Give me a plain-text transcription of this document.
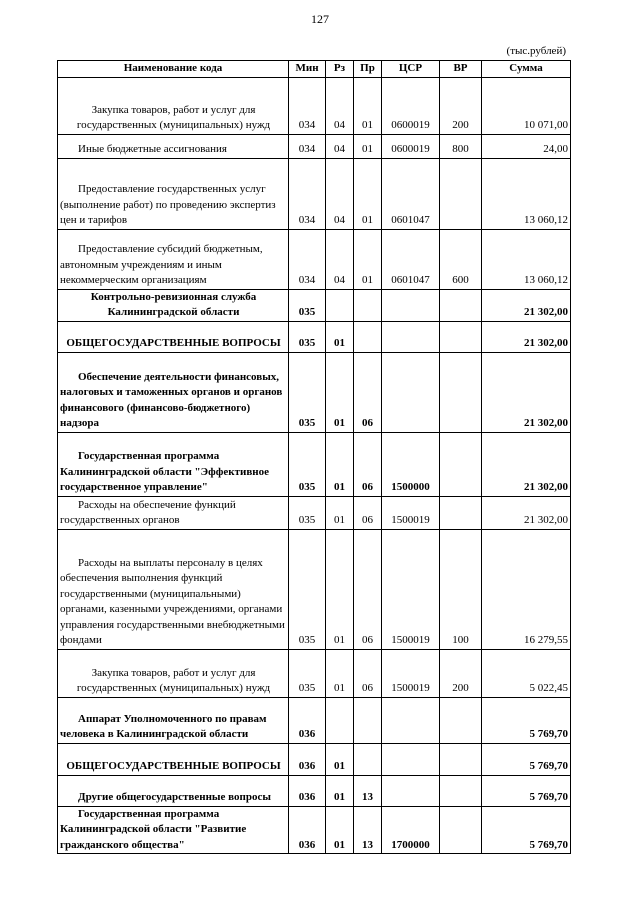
127
(тыс.рублей)
Наименование кода	Мин	Рз	Пр	ЦСР	ВР	Сумма

Закупка товаров, работ и услуг для государственных (муниципальных) нужд	034	04	01	0600019	200	10 071,00

Иные бюджетные ассигнования	034	04	01	0600019	800	24,00

Предоставление государственных услуг (выполнение работ) по проведению экспертиз цен и тарифов	034	04	01	0601047		13 060,12

Предоставление субсидий бюджетным, автономным учреждениям и иным некоммерческим организациям	034	04	01	0601047	600	13 060,12

Контрольно-ревизионная служба Калининградской области	035					21 302,00

ОБЩЕГОСУДАРСТВЕННЫЕ ВОПРОСЫ	035	01				21 302,00

Обеспечение деятельности финансовых, налоговых и таможенных органов и органов финансового (финансово-бюджетного) надзора	035	01	06			21 302,00

Государственная программа Калининградской области "Эффективное государственное управление"	035	01	06	1500000		21 302,00

Расходы на обеспечение функций государственных органов	035	01	06	1500019		21 302,00

Расходы на выплаты персоналу в целях обеспечения выполнения функций государственными (муниципальными) органами, казенными учреждениями, органами управления государственными внебюджетными фондами	035	01	06	1500019	100	16 279,55

Закупка товаров, работ и услуг для государственных (муниципальных) нужд	035	01	06	1500019	200	5 022,45

Аппарат Уполномоченного по правам человека в Калининградской области	036					5 769,70

ОБЩЕГОСУДАРСТВЕННЫЕ ВОПРОСЫ	036	01				5 769,70

Другие общегосударственные вопросы	036	01	13			5 769,70

Государственная программа Калининградской области "Развитие гражданского общества"	036	01	13	1700000		5 769,70
